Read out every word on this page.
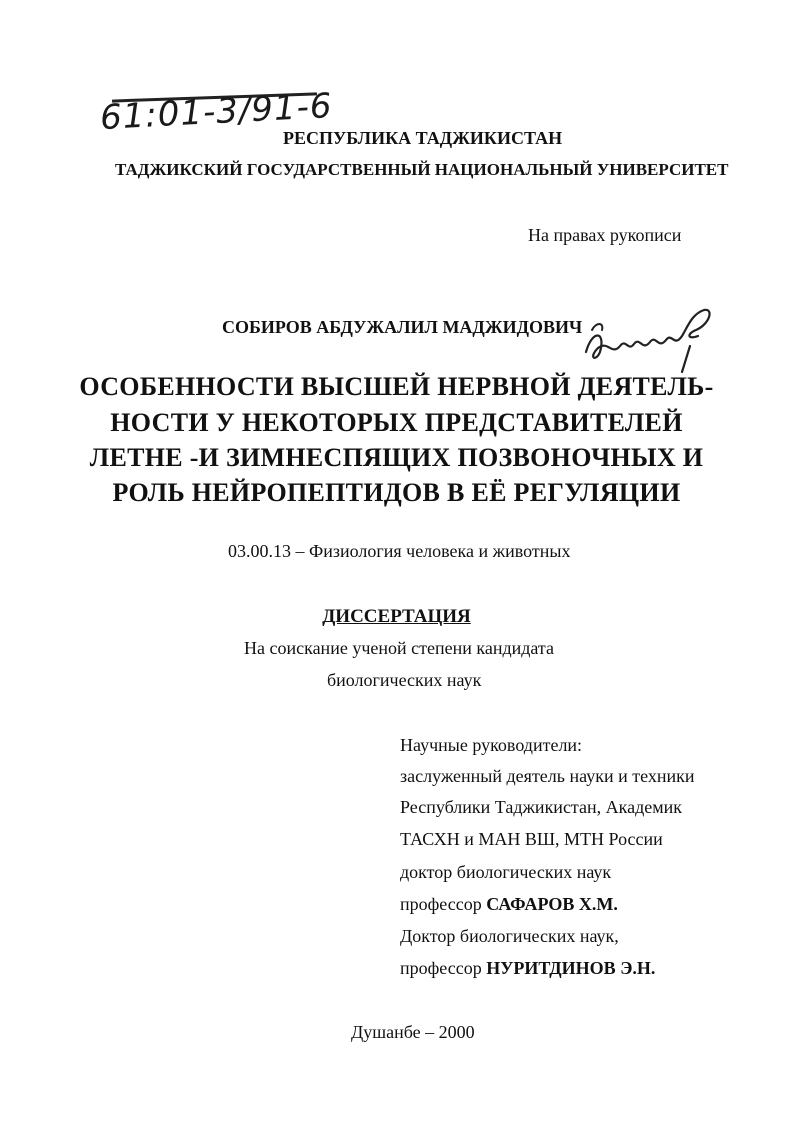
61:01-3/91-6
РЕСПУБЛИКА ТАДЖИКИСТАН
ТАДЖИКСКИЙ ГОСУДАРСТВЕННЫЙ НАЦИОНАЛЬНЫЙ УНИВЕРСИТЕТ
На правах рукописи
СОБИРОВ АБДУЖАЛИЛ МАДЖИДОВИЧ
ОСОБЕННОСТИ ВЫСШЕЙ НЕРВНОЙ ДЕЯТЕЛЬ-
НОСТИ У НЕКОТОРЫХ ПРЕДСТАВИТЕЛЕЙ
ЛЕТНЕ -И ЗИМНЕСПЯЩИХ ПОЗВОНОЧНЫХ И
РОЛЬ НЕЙРОПЕПТИДОВ В ЕЁ РЕГУЛЯЦИИ
03.00.13 – Физиология человека и животных
ДИССЕРТАЦИЯ
На соискание ученой степени кандидата
биологических наук
Научные руководители:
заслуженный деятель науки и техники
Республики Таджикистан, Академик
ТАСХН и МАН ВШ, МТН России
доктор биологических наук
профессор САФАРОВ Х.М.
Доктор биологических наук,
профессор НУРИТДИНОВ Э.Н.
Душанбе – 2000
